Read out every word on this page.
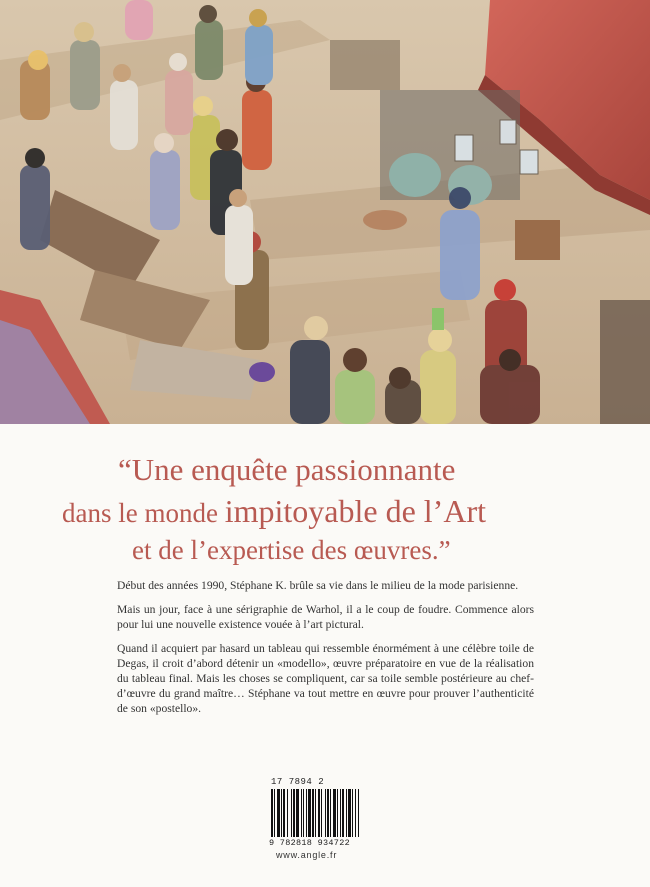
“Une enquête passionnante
dans le monde impitoyable de l’Art
et de l’expertise des œuvres.”

Début des années 1990, Stéphane K. brûle sa vie dans le milieu de la mode parisienne.

Mais un jour, face à une sérigraphie de Warhol, il a le coup de foudre. Commence alors pour lui une nouvelle existence vouée à l’art pictural.

Quand il acquiert par hasard un tableau qui ressemble énormément à une célèbre toile de Degas, il croit d’abord détenir un «modello», œuvre préparatoire en vue de la réalisation du tableau final. Mais les choses se compliquent, car sa toile semble postérieure au chef-d’œuvre du grand maître… Stéphane va tout mettre en œuvre pour prouver l’authenticité de son «postello».

17 7894 2
9 782818 934722
www.angle.fr
